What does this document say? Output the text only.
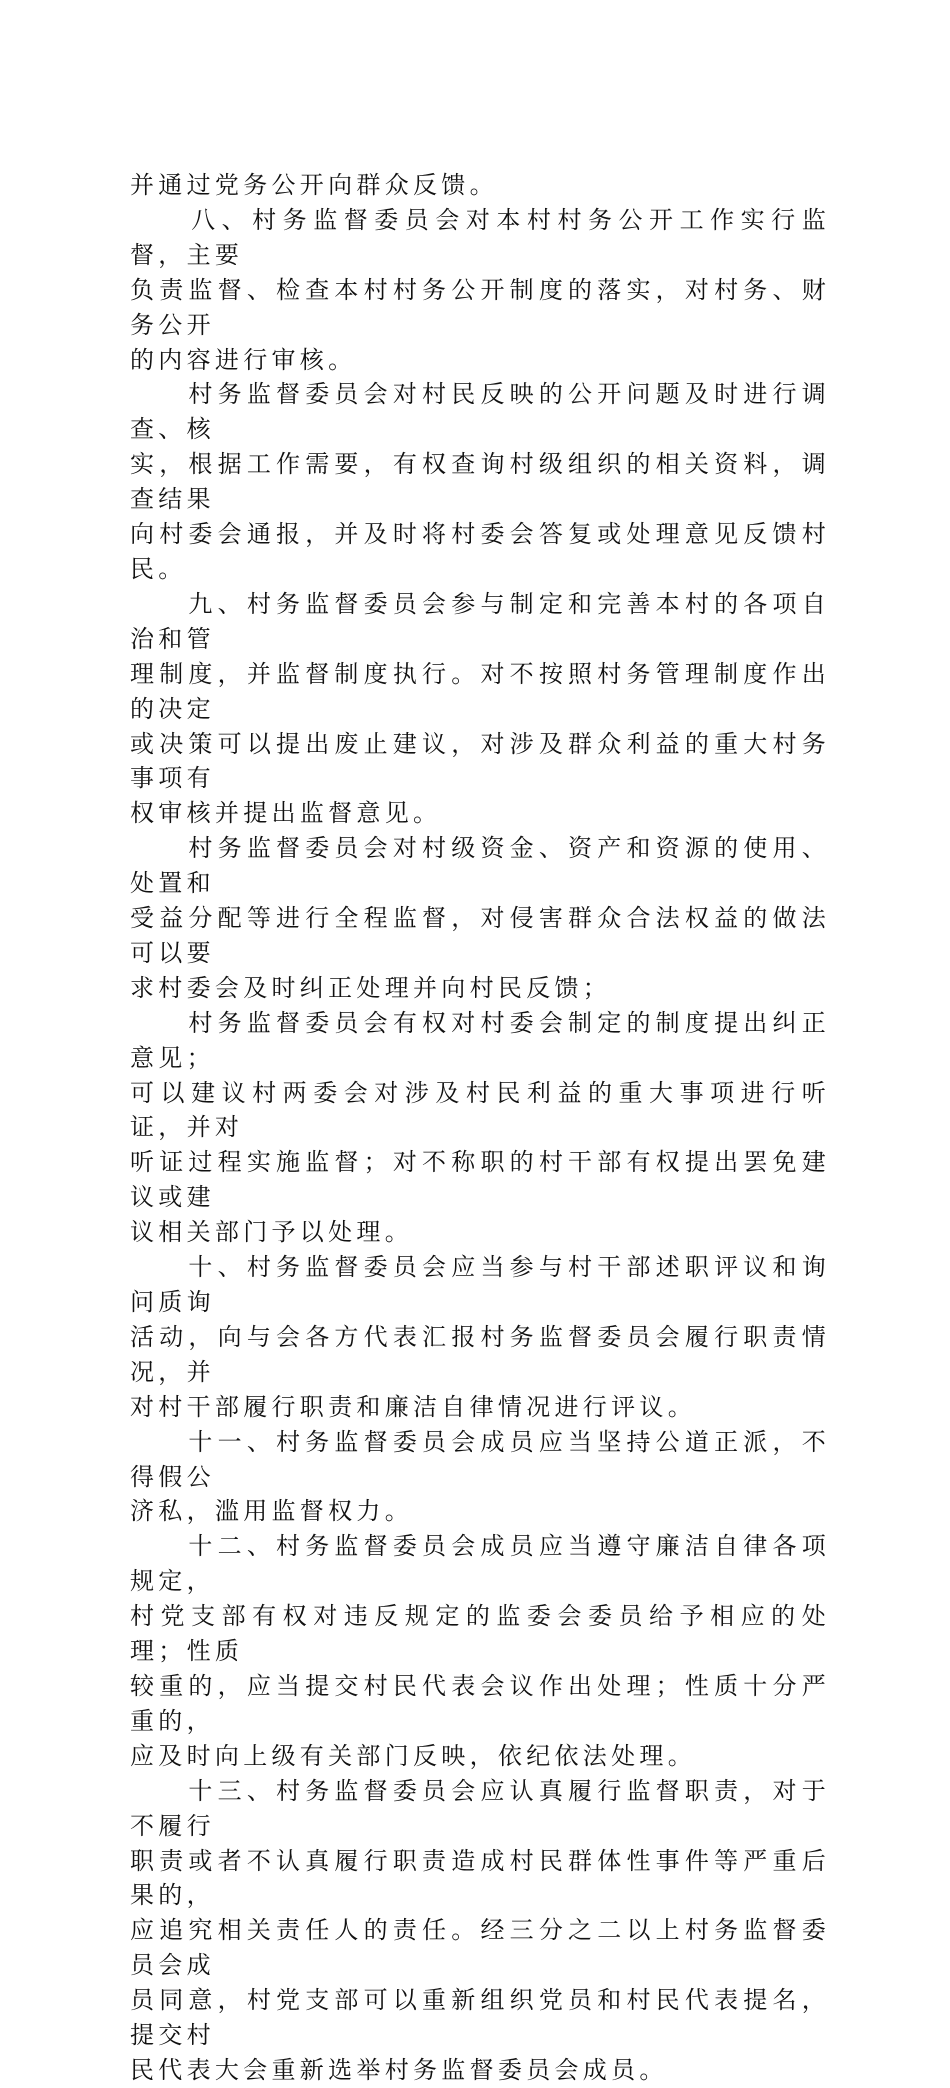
并通过党务公开向群众反馈。

　　八、村务监督委员会对本村村务公开工作实行监督，主要
负责监督、检查本村村务公开制度的落实，对村务、财务公开
的内容进行审核。

　　村务监督委员会对村民反映的公开问题及时进行调查、核
实，根据工作需要，有权查询村级组织的相关资料，调查结果
向村委会通报，并及时将村委会答复或处理意见反馈村民。

　　九、村务监督委员会参与制定和完善本村的各项自治和管
理制度，并监督制度执行。对不按照村务管理制度作出的决定
或决策可以提出废止建议，对涉及群众利益的重大村务事项有
权审核并提出监督意见。

　　村务监督委员会对村级资金、资产和资源的使用、处置和
受益分配等进行全程监督，对侵害群众合法权益的做法可以要
求村委会及时纠正处理并向村民反馈；

　　村务监督委员会有权对村委会制定的制度提出纠正意见；
可以建议村两委会对涉及村民利益的重大事项进行听证，并对
听证过程实施监督；对不称职的村干部有权提出罢免建议或建
议相关部门予以处理。

　　十、村务监督委员会应当参与村干部述职评议和询问质询
活动，向与会各方代表汇报村务监督委员会履行职责情况，并
对村干部履行职责和廉洁自律情况进行评议。

　　十一、村务监督委员会成员应当坚持公道正派，不得假公
济私，滥用监督权力。

　　十二、村务监督委员会成员应当遵守廉洁自律各项规定，
村党支部有权对违反规定的监委会委员给予相应的处理；性质
较重的，应当提交村民代表会议作出处理；性质十分严重的，
应及时向上级有关部门反映，依纪依法处理。

　　十三、村务监督委员会应认真履行监督职责，对于不履行
职责或者不认真履行职责造成村民群体性事件等严重后果的，
应追究相关责任人的责任。经三分之二以上村务监督委员会成
员同意，村党支部可以重新组织党员和村民代表提名，提交村
民代表大会重新选举村务监督委员会成员。
